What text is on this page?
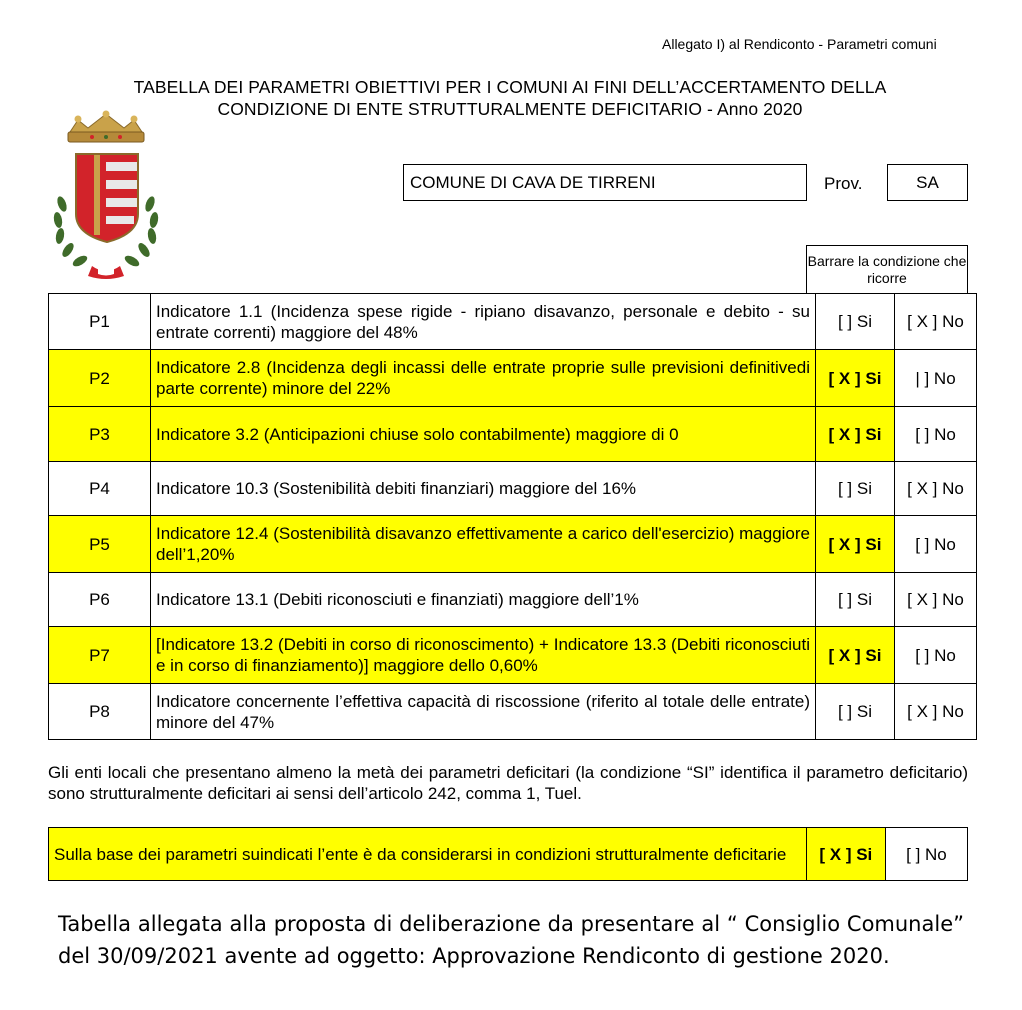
Allegato I) al Rendiconto - Parametri comuni
TABELLA DEI PARAMETRI OBIETTIVI PER I COMUNI AI FINI DELL’ACCERTAMENTO DELLA
CONDIZIONE DI ENTE STRUTTURALMENTE DEFICITARIO - Anno 2020
COMUNE DI CAVA DE TIRRENI	Prov.	SA
Barrare la condizione che ricorre
P1	Indicatore 1.1 (Incidenza spese rigide - ripiano disavanzo, personale e debito - su entrate correnti) maggiore del 48%	[ ] Si	[ X ] No
P2	Indicatore 2.8 (Incidenza degli incassi delle entrate proprie sulle previsioni definitivedi parte corrente) minore del 22%	[ X ] Si	| ] No
P3	Indicatore 3.2 (Anticipazioni chiuse solo contabilmente) maggiore di 0	[ X ] Si	[ ] No
P4	Indicatore 10.3 (Sostenibilità debiti finanziari) maggiore del 16%	[ ] Si	[ X ] No
P5	Indicatore 12.4 (Sostenibilità disavanzo effettivamente a carico dell'esercizio) maggiore dell’1,20%	[ X ] Si	[ ] No
P6	Indicatore 13.1 (Debiti riconosciuti e finanziati) maggiore dell’1%	[ ] Si	[ X ] No
P7	[Indicatore 13.2 (Debiti in corso di riconoscimento) + Indicatore 13.3 (Debiti riconosciuti e in corso di finanziamento)] maggiore dello 0,60%	[ X ] Si	[ ] No
P8	Indicatore concernente l’effettiva capacità di riscossione (riferito al totale delle entrate) minore del 47%	[ ] Si	[ X ] No
Gli enti locali che presentano almeno la metà dei parametri deficitari (la condizione “SI” identifica il parametro deficitario) sono strutturalmente deficitari ai sensi dell’articolo 242, comma 1, Tuel.
Sulla base dei parametri suindicati l’ente è da considerarsi in condizioni strutturalmente deficitarie	[ X ] Si	[ ] No
Tabella allegata alla proposta di deliberazione da presentare al “ Consiglio Comunale” del 30/09/2021 avente ad oggetto: Approvazione Rendiconto di gestione 2020.
